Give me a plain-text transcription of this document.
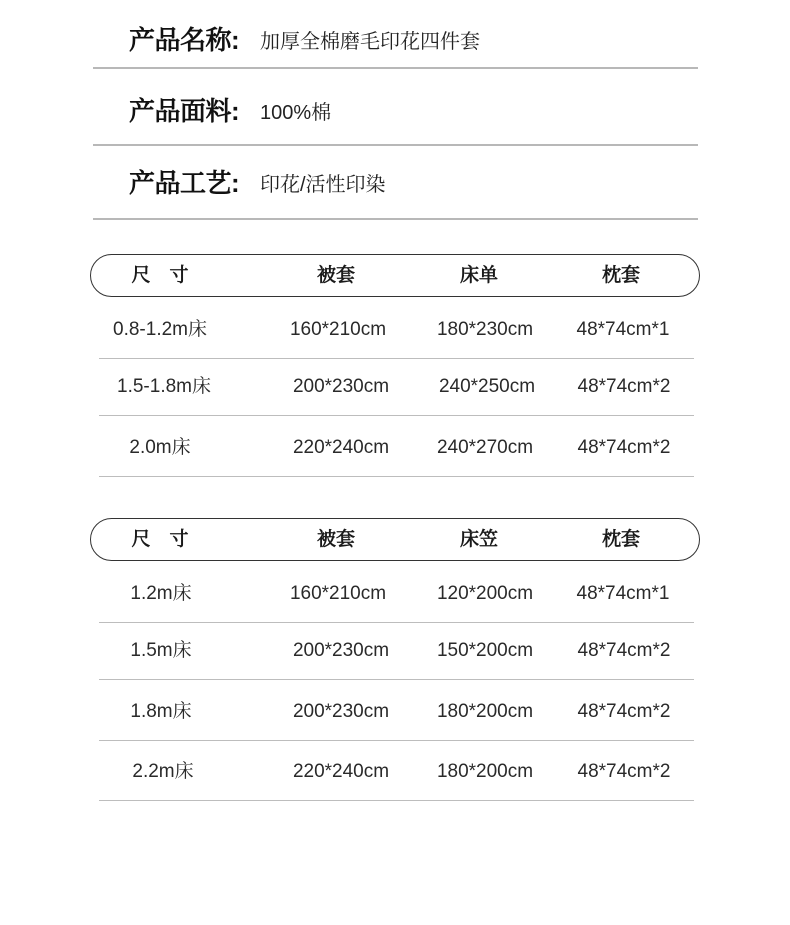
产品名称:	加厚全棉磨毛印花四件套
产品面料:	100%棉
产品工艺:	印花/活性印染
尺　寸	被套	床单	枕套
0.8-1.2m床	160*210cm	180*230cm 48*74cm*1
1.5-1.8m床	200*230cm	240*250cm 48*74cm*2
2.0m床	220*240cm	240*270cm 48*74cm*2
尺　寸	被套	床笠	枕套
1.2m床	160*210cm	120*200cm 48*74cm*1
1.5m床	200*230cm	150*200cm 48*74cm*2
1.8m床	200*230cm	180*200cm 48*74cm*2
2.2m床	220*240cm	180*200cm 48*74cm*2
